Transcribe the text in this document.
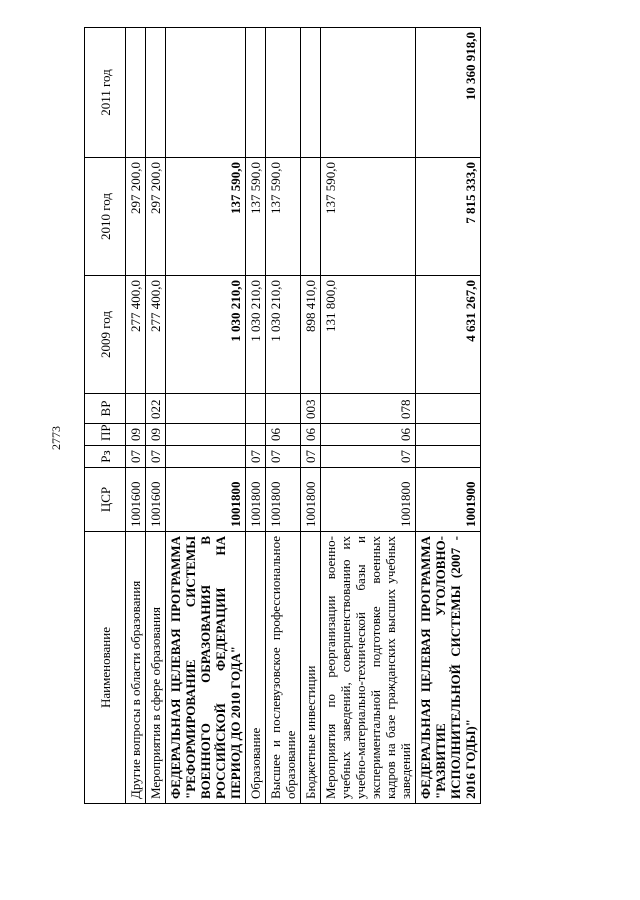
2773
Наименование	ЦСР	Рз	ПР	ВР	2009 год	2010 год	2011 год
Другие вопросы в области образования	1001600	07	09		277 400,0	297 200,0	
Мероприятия в сфере образования	1001600	07	09	022	277 400,0	297 200,0	
ФЕДЕРАЛЬНАЯ ЦЕЛЕВАЯ ПРОГРАММА "РЕФОРМИРОВАНИЕ СИСТЕМЫ ВОЕННОГО ОБРАЗОВАНИЯ В РОССИЙСКОЙ ФЕДЕРАЦИИ НА ПЕРИОД ДО 2010 ГОДА"	1001800				1 030 210,0	137 590,0	
Образование	1001800	07			1 030 210,0	137 590,0	
Высшее и послевузовское профессиональное образование	1001800	07	06		1 030 210,0	137 590,0	
Бюджетные инвестиции	1001800	07	06	003	898 410,0		
Мероприятия по реорганизации военно-учебных заведений, совершенствованию их учебно-материально-технической базы и экспериментальной подготовке военных кадров на базе гражданских высших учебных заведений	1001800	07	06	078	131 800,0	137 590,0	
ФЕДЕРАЛЬНАЯ ЦЕЛЕВАЯ ПРОГРАММА "РАЗВИТИЕ УГОЛОВНО-ИСПОЛНИТЕЛЬНОЙ СИСТЕМЫ (2007 - 2016 ГОДЫ)"	1001900				4 631 267,0	7 815 333,0	10 360 918,0
